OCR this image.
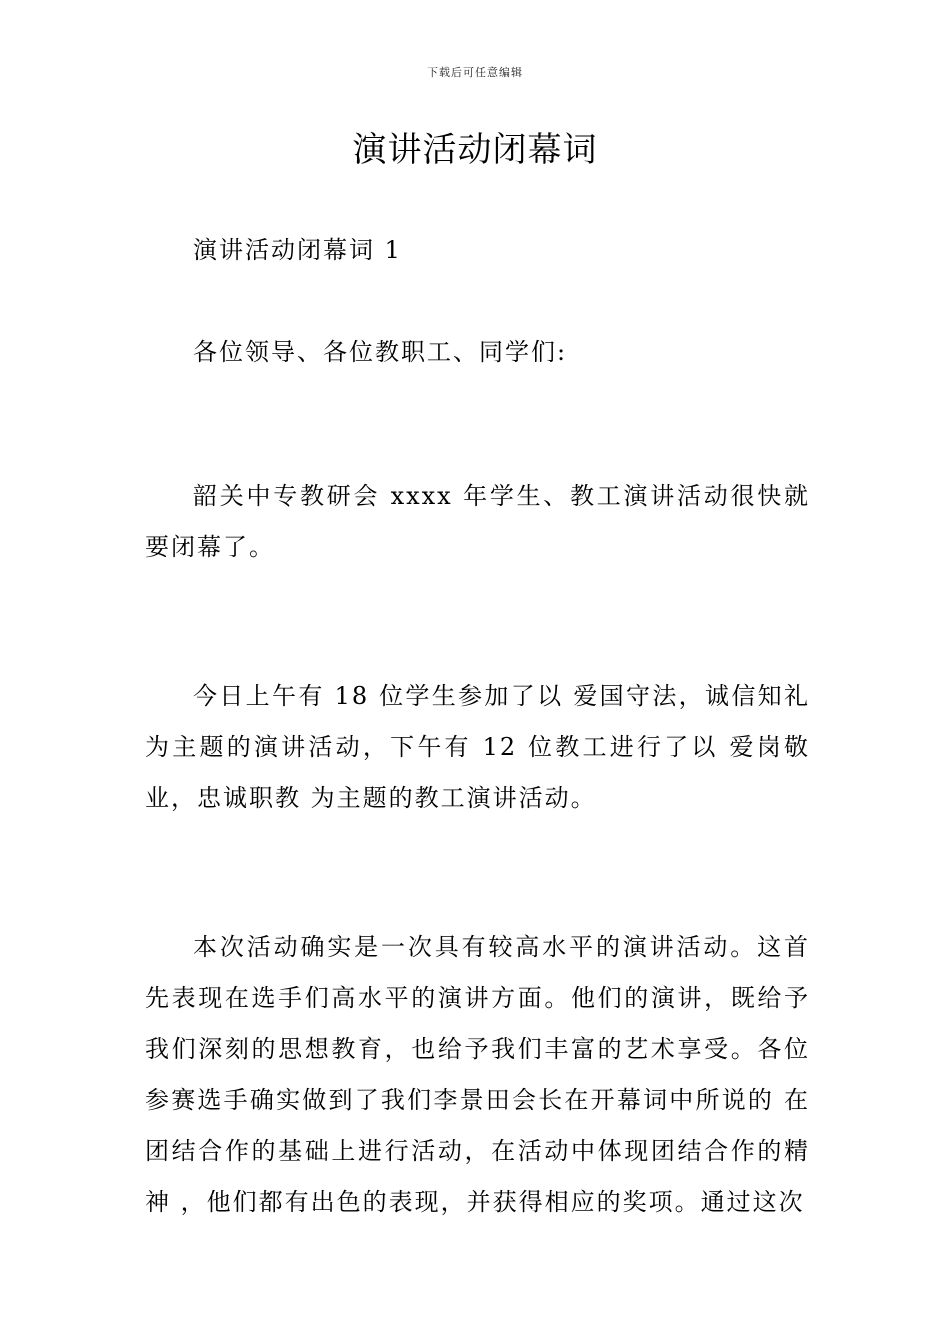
下载后可任意编辑
演讲活动闭幕词

演讲活动闭幕词 1

各位领导、各位教职工、同学们:

韶关中专教研会 xxxx 年学生、教工演讲活动很快就要闭幕了。

今日上午有 18 位学生参加了以 爱国守法，诚信知礼为主题的演讲活动，下午有 12 位教工进行了以 爱岗敬业，忠诚职教 为主题的教工演讲活动。

本次活动确实是一次具有较高水平的演讲活动。这首先表现在选手们高水平的演讲方面。他们的演讲，既给予我们深刻的思想教育，也给予我们丰富的艺术享受。各位参赛选手确实做到了我们李景田会长在开幕词中所说的 在团结合作的基础上进行活动，在活动中体现团结合作的精神 ，他们都有出色的表现，并获得相应的奖项。通过这次
